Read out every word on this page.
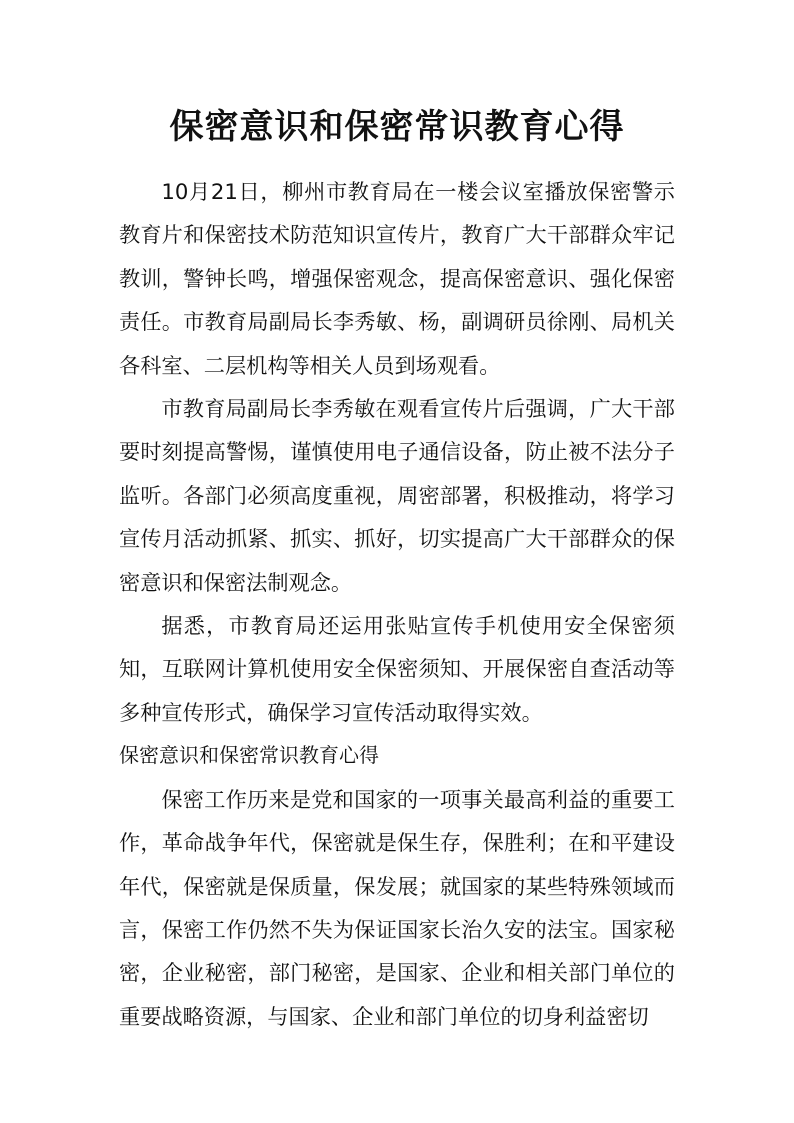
保密意识和保密常识教育心得

10月21日，柳州市教育局在一楼会议室播放保密警示教育片和保密技术防范知识宣传片，教育广大干部群众牢记教训，警钟长鸣，增强保密观念，提高保密意识、强化保密责任。市教育局副局长李秀敏、杨，副调研员徐刚、局机关各科室、二层机构等相关人员到场观看。

市教育局副局长李秀敏在观看宣传片后强调，广大干部要时刻提高警惕，谨慎使用电子通信设备，防止被不法分子监听。各部门必须高度重视，周密部署，积极推动，将学习宣传月活动抓紧、抓实、抓好，切实提高广大干部群众的保密意识和保密法制观念。

据悉，市教育局还运用张贴宣传手机使用安全保密须知，互联网计算机使用安全保密须知、开展保密自查活动等多种宣传形式，确保学习宣传活动取得实效。

保密意识和保密常识教育心得

保密工作历来是党和国家的一项事关最高利益的重要工作，革命战争年代，保密就是保生存，保胜利；在和平建设年代，保密就是保质量，保发展；就国家的某些特殊领域而言，保密工作仍然不失为保证国家长治久安的法宝。国家秘密，企业秘密，部门秘密，是国家、企业和相关部门单位的重要战略资源，与国家、企业和部门单位的切身利益密切
